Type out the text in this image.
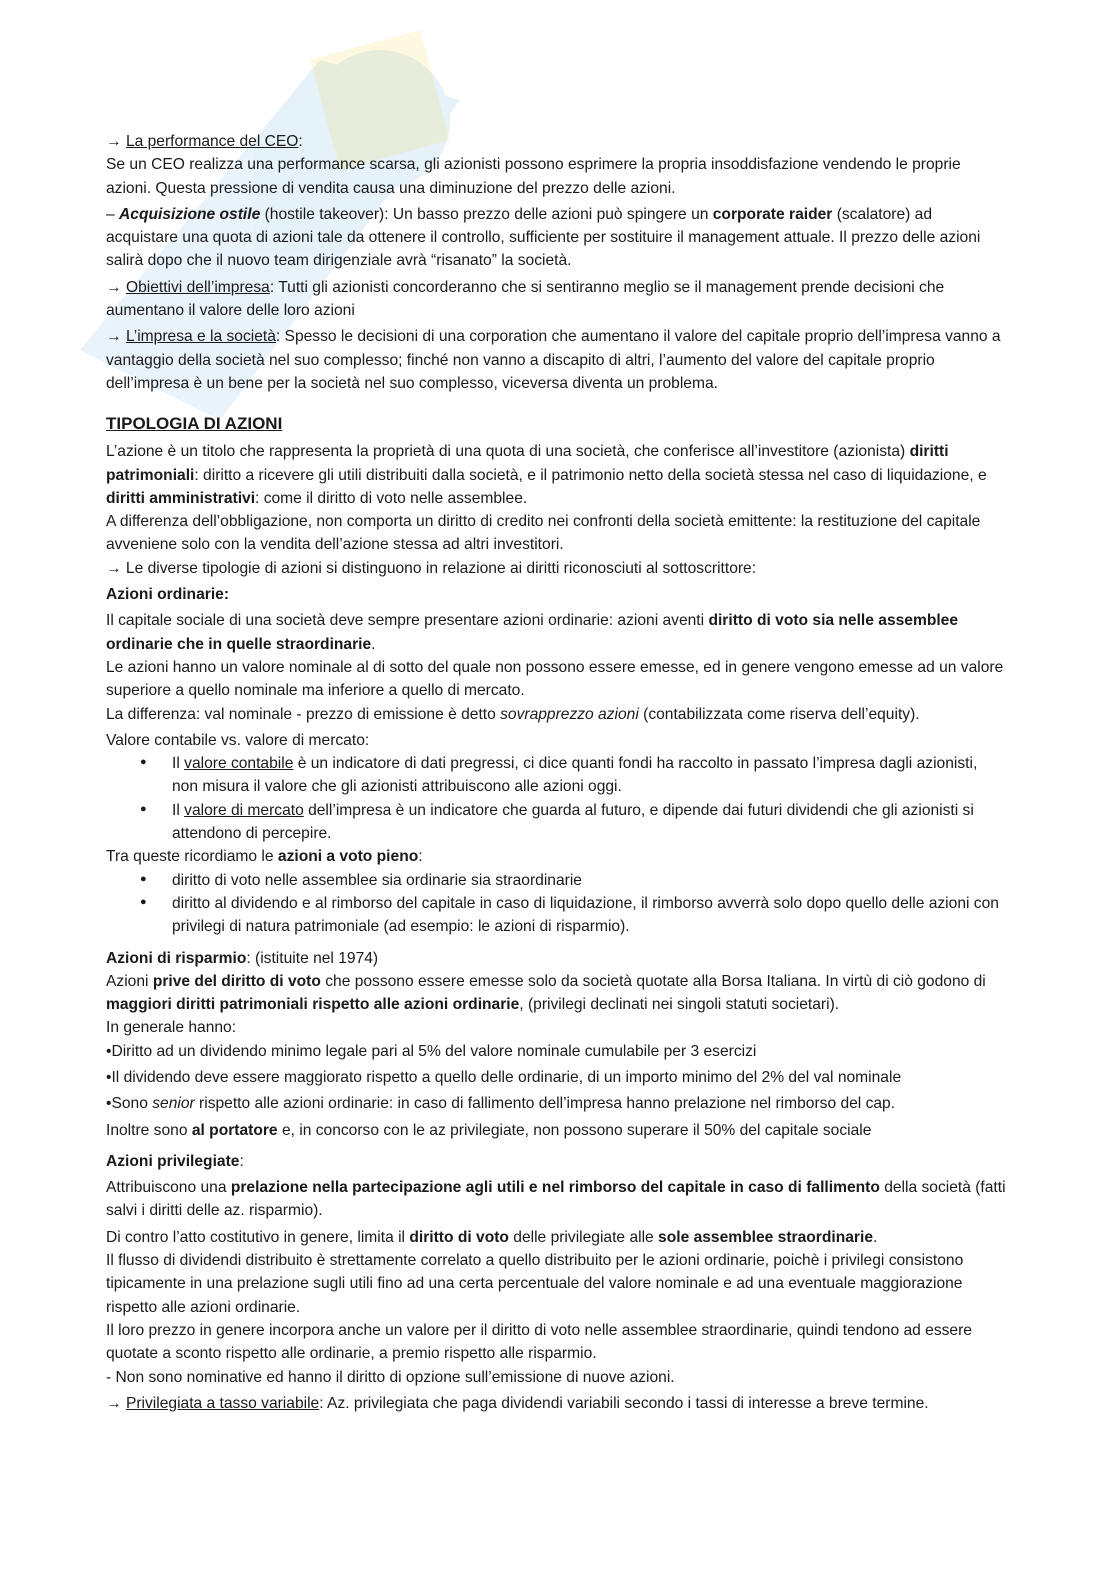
→ La performance del CEO:

Se un CEO realizza una performance scarsa, gli azionisti possono esprimere la propria insoddisfazione vendendo le proprie azioni. Questa pressione di vendita causa una diminuzione del prezzo delle azioni.

– Acquisizione ostile (hostile takeover): Un basso prezzo delle azioni può spingere un corporate raider (scalatore) ad acquistare una quota di azioni tale da ottenere il controllo, sufficiente per sostituire il management attuale. Il prezzo delle azioni salirà dopo che il nuovo team dirigenziale avrà “risanato” la società.

→ Obiettivi dell’impresa: Tutti gli azionisti concorderanno che si sentiranno meglio se il management prende decisioni che aumentano il valore delle loro azioni

→ L’impresa e la società: Spesso le decisioni di una corporation che aumentano il valore del capitale proprio dell’impresa vanno a vantaggio della società nel suo complesso; finché non vanno a discapito di altri, l’aumento del valore del capitale proprio dell’impresa è un bene per la società nel suo complesso, viceversa diventa un problema.

TIPOLOGIA DI AZIONI

L’azione è un titolo che rappresenta la proprietà di una quota di una società, che conferisce all’investitore (azionista) diritti patrimoniali: diritto a ricevere gli utili distribuiti dalla società, e il patrimonio netto della società stessa nel caso di liquidazione, e diritti amministrativi: come il diritto di voto nelle assemblee.

A differenza dell’obbligazione, non comporta un diritto di credito nei confronti della società emittente: la restituzione del capitale avveniene solo con la vendita dell’azione stessa ad altri investitori.

→ Le diverse tipologie di azioni si distinguono in relazione ai diritti riconosciuti al sottoscrittore:

Azioni ordinarie:

Il capitale sociale di una società deve sempre presentare azioni ordinarie: azioni aventi diritto di voto sia nelle assemblee ordinarie che in quelle straordinarie.

Le azioni hanno un valore nominale al di sotto del quale non possono essere emesse, ed in genere vengono emesse ad un valore superiore a quello nominale ma inferiore a quello di mercato.

La differenza: val nominale - prezzo di emissione è detto sovrapprezzo azioni (contabilizzata come riserva dell’equity).

Valore contabile vs. valore di mercato:

● Il valore contabile è un indicatore di dati pregressi, ci dice quanti fondi ha raccolto in passato l’impresa dagli azionisti, non misura il valore che gli azionisti attribuiscono alle azioni oggi.
● Il valore di mercato dell’impresa è un indicatore che guarda al futuro, e dipende dai futuri dividendi che gli azionisti si attendono di percepire.

Tra queste ricordiamo le azioni a voto pieno:

● diritto di voto nelle assemblee sia ordinarie sia straordinarie
● diritto al dividendo e al rimborso del capitale in caso di liquidazione, il rimborso avverrà solo dopo quello delle azioni con privilegi di natura patrimoniale (ad esempio: le azioni di risparmio).

Azioni di risparmio: (istituite nel 1974)

Azioni prive del diritto di voto che possono essere emesse solo da società quotate alla Borsa Italiana. In virtù di ciò godono di maggiori diritti patrimoniali rispetto alle azioni ordinarie, (privilegi declinati nei singoli statuti societari).

In generale hanno:

•Diritto ad un dividendo minimo legale pari al 5% del valore nominale cumulabile per 3 esercizi

•Il dividendo deve essere maggiorato rispetto a quello delle ordinarie, di un importo minimo del 2% del val nominale

•Sono senior rispetto alle azioni ordinarie: in caso di fallimento dell’impresa hanno prelazione nel rimborso del cap.

Inoltre sono al portatore e, in concorso con le az privilegiate, non possono superare il 50% del capitale sociale

Azioni privilegiate:

Attribuiscono una prelazione nella partecipazione agli utili e nel rimborso del capitale in caso di fallimento della società (fatti salvi i diritti delle az. risparmio).

Di contro l’atto costitutivo in genere, limita il diritto di voto delle privilegiate alle sole assemblee straordinarie.

Il flusso di dividendi distribuito è strettamente correlato a quello distribuito per le azioni ordinarie, poichè i privilegi consistono tipicamente in una prelazione sugli utili fino ad una certa percentuale del valore nominale e ad una eventuale maggiorazione rispetto alle azioni ordinarie.

Il loro prezzo in genere incorpora anche un valore per il diritto di voto nelle assemblee straordinarie, quindi tendono ad essere quotate a sconto rispetto alle ordinarie, a premio rispetto alle risparmio.

- Non sono nominative ed hanno il diritto di opzione sull’emissione di nuove azioni.

→ Privilegiata a tasso variabile: Az. privilegiata che paga dividendi variabili secondo i tassi di interesse a breve termine.
